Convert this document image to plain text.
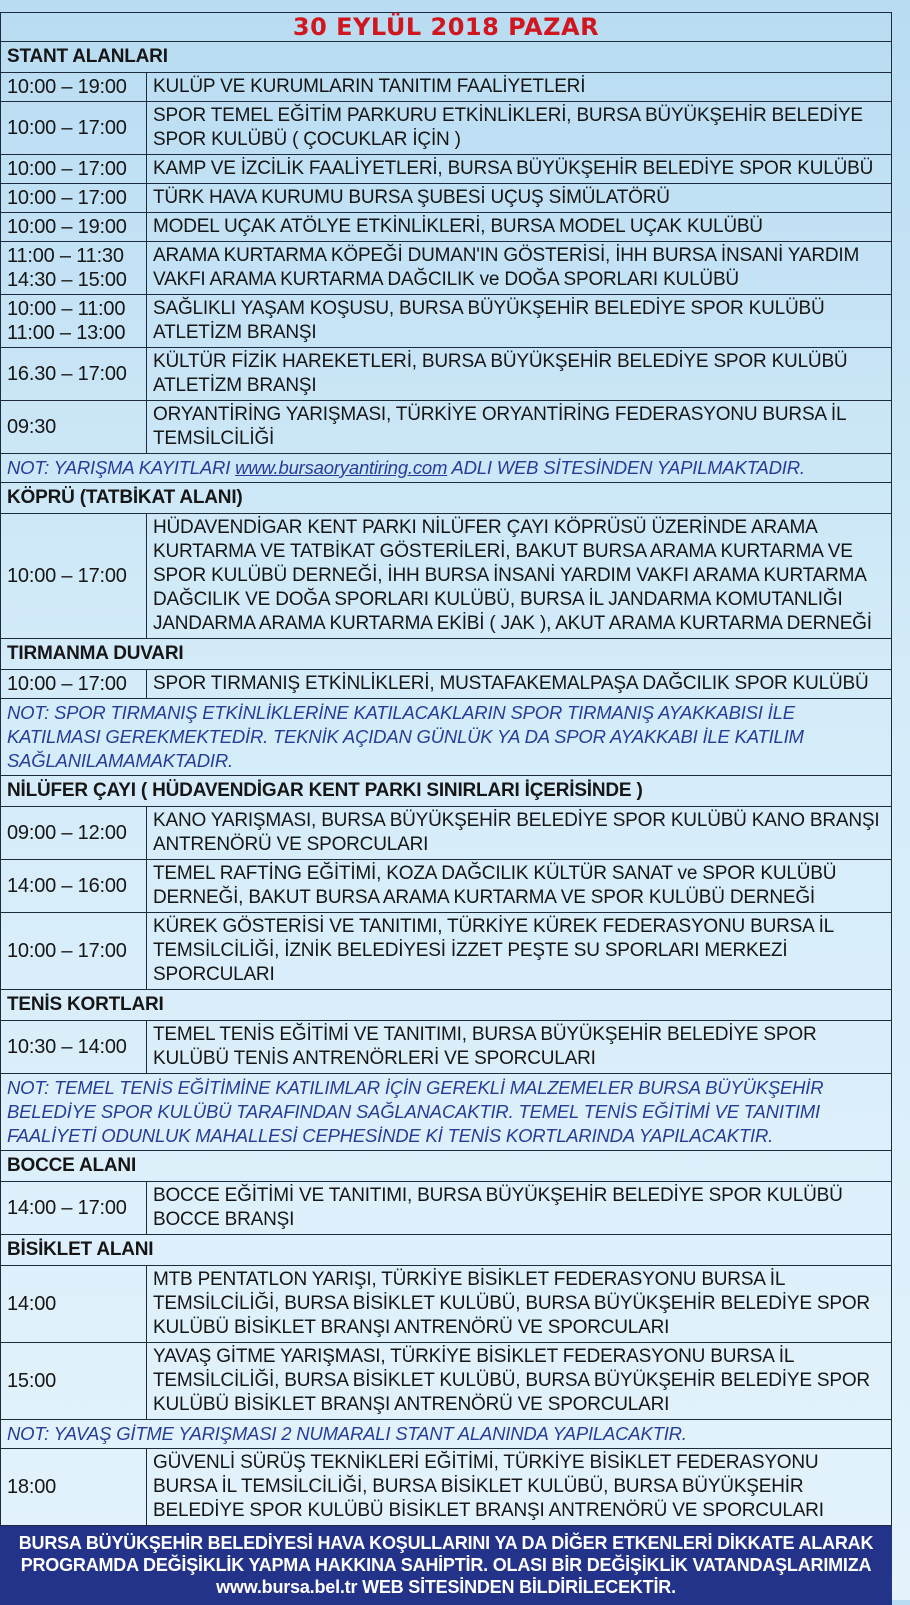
30 EYLÜL 2018 PAZAR	
STANT ALANLARI	
10:00 – 19:00	KULÜP VE KURUMLARIN TANITIM FAALİYETLERİ
10:00 – 17:00	SPOR TEMEL EĞİTİM PARKURU ETKİNLİKLERİ, BURSA BÜYÜKŞEHİR BELEDİYE SPOR KULÜBÜ ( ÇOCUKLAR İÇİN )
10:00 – 17:00	KAMP VE İZCİLİK FAALİYETLERİ, BURSA BÜYÜKŞEHİR BELEDİYE SPOR KULÜBÜ
10:00 – 17:00	TÜRK HAVA KURUMU BURSA ŞUBESİ UÇUŞ SİMÜLATÖRÜ
10:00 – 19:00	MODEL UÇAK ATÖLYE ETKİNLİKLERİ, BURSA MODEL UÇAK KULÜBÜ
11:00 – 11:30
14:30 – 15:00	ARAMA KURTARMA KÖPEĞİ DUMAN'IN GÖSTERİSİ, İHH BURSA İNSANİ YARDIM VAKFI ARAMA KURTARMA DAĞCILIK ve DOĞA SPORLARI KULÜBÜ
10:00 – 11:00
11:00 – 13:00	SAĞLIKLI YAŞAM KOŞUSU, BURSA BÜYÜKŞEHİR BELEDİYE SPOR KULÜBÜ ATLETİZM BRANŞI
16.30 – 17:00	KÜLTÜR FİZİK HAREKETLERİ, BURSA BÜYÜKŞEHİR BELEDİYE SPOR KULÜBÜ ATLETİZM BRANŞI
09:30	ORYANTİRİNG YARIŞMASI, TÜRKİYE ORYANTİRİNG FEDERASYONU BURSA İL TEMSİLCİLİĞİ
NOT: YARIŞMA KAYITLARI www.bursaoryantiring.com ADLI WEB SİTESİNDEN YAPILMAKTADIR.	
KÖPRÜ (TATBİKAT ALANI)	
10:00 – 17:00	HÜDAVENDİGAR KENT PARKI NİLÜFER ÇAYI KÖPRÜSÜ ÜZERİNDE ARAMA KURTARMA VE TATBİKAT GÖSTERİLERİ, BAKUT BURSA ARAMA KURTARMA VE SPOR KULÜBÜ DERNEĞİ, İHH BURSA İNSANİ YARDIM VAKFI ARAMA KURTARMA DAĞCILIK VE DOĞA SPORLARI KULÜBÜ, BURSA İL JANDARMA KOMUTANLIĞI JANDARMA ARAMA KURTARMA EKİBİ ( JAK ), AKUT ARAMA KURTARMA DERNEĞİ
TIRMANMA DUVARI	
10:00 – 17:00	SPOR TIRMANIŞ ETKİNLİKLERİ, MUSTAFAKEMALPAŞA DAĞCILIK SPOR KULÜBÜ
NOT: SPOR TIRMANIŞ ETKİNLİKLERİNE KATILACAKLARIN SPOR TIRMANIŞ AYAKKABISI İLE KATILMASI GEREKMEKTEDİR. TEKNİK AÇIDAN GÜNLÜK YA DA SPOR AYAKKABI İLE KATILIM SAĞLANILAMAMAKTADIR.	
NİLÜFER ÇAYI ( HÜDAVENDİGAR KENT PARKI SINIRLARI İÇERİSİNDE )	
09:00 – 12:00	KANO YARIŞMASI, BURSA BÜYÜKŞEHİR BELEDİYE SPOR KULÜBÜ KANO BRANŞI ANTRENÖRÜ VE SPORCULARI
14:00 – 16:00	TEMEL RAFTİNG EĞİTİMİ, KOZA DAĞCILIK KÜLTÜR SANAT ve SPOR KULÜBÜ DERNEĞİ, BAKUT BURSA ARAMA KURTARMA VE SPOR KULÜBÜ DERNEĞİ
10:00 – 17:00	KÜREK GÖSTERİSİ VE TANITIMI, TÜRKİYE KÜREK FEDERASYONU BURSA İL TEMSİLCİLİĞİ, İZNİK BELEDİYESİ İZZET PEŞTE SU SPORLARI MERKEZİ SPORCULARI
TENİS KORTLARI	
10:30 – 14:00	TEMEL TENİS EĞİTİMİ VE TANITIMI, BURSA BÜYÜKŞEHİR BELEDİYE SPOR KULÜBÜ TENİS ANTRENÖRLERİ VE SPORCULARI
NOT: TEMEL TENİS EĞİTİMİNE KATILIMLAR İÇİN GEREKLİ MALZEMELER BURSA BÜYÜKŞEHİR BELEDİYE SPOR KULÜBÜ TARAFINDAN SAĞLANACAKTIR. TEMEL TENİS EĞİTİMİ VE TANITIMI FAALİYETİ ODUNLUK MAHALLESİ CEPHESİNDE Kİ TENİS KORTLARINDA YAPILACAKTIR.	
BOCCE ALANI	
14:00 – 17:00	BOCCE EĞİTİMİ VE TANITIMI, BURSA BÜYÜKŞEHİR BELEDİYE SPOR KULÜBÜ BOCCE BRANŞI
BİSİKLET ALANI	
14:00	MTB PENTATLON YARIŞI, TÜRKİYE BİSİKLET FEDERASYONU BURSA İL TEMSİLCİLİĞİ, BURSA BİSİKLET KULÜBÜ, BURSA BÜYÜKŞEHİR BELEDİYE SPOR KULÜBÜ BİSİKLET BRANŞI ANTRENÖRÜ VE SPORCULARI
15:00	YAVAŞ GİTME YARIŞMASI, TÜRKİYE BİSİKLET FEDERASYONU BURSA İL TEMSİLCİLİĞİ, BURSA BİSİKLET KULÜBÜ, BURSA BÜYÜKŞEHİR BELEDİYE SPOR KULÜBÜ BİSİKLET BRANŞI ANTRENÖRÜ VE SPORCULARI
NOT: YAVAŞ GİTME YARIŞMASI 2 NUMARALI STANT ALANINDA YAPILACAKTIR.	
18:00	GÜVENLİ SÜRÜŞ TEKNİKLERİ EĞİTİMİ, TÜRKİYE BİSİKLET FEDERASYONU BURSA İL TEMSİLCİLİĞİ, BURSA BİSİKLET KULÜBÜ, BURSA BÜYÜKŞEHİR BELEDİYE SPOR KULÜBÜ BİSİKLET BRANŞI ANTRENÖRÜ VE SPORCULARI
BURSA BÜYÜKŞEHİR BELEDİYESİ HAVA KOŞULLARINI YA DA DİĞER ETKENLERİ DİKKATE ALARAK
PROGRAMDA DEĞİŞİKLİK YAPMA HAKKINA SAHİPTİR. OLASI BİR DEĞİŞİKLİK VATANDAŞLARIMIZA
www.bursa.bel.tr WEB SİTESİNDEN BİLDİRİLECEKTİR.	
